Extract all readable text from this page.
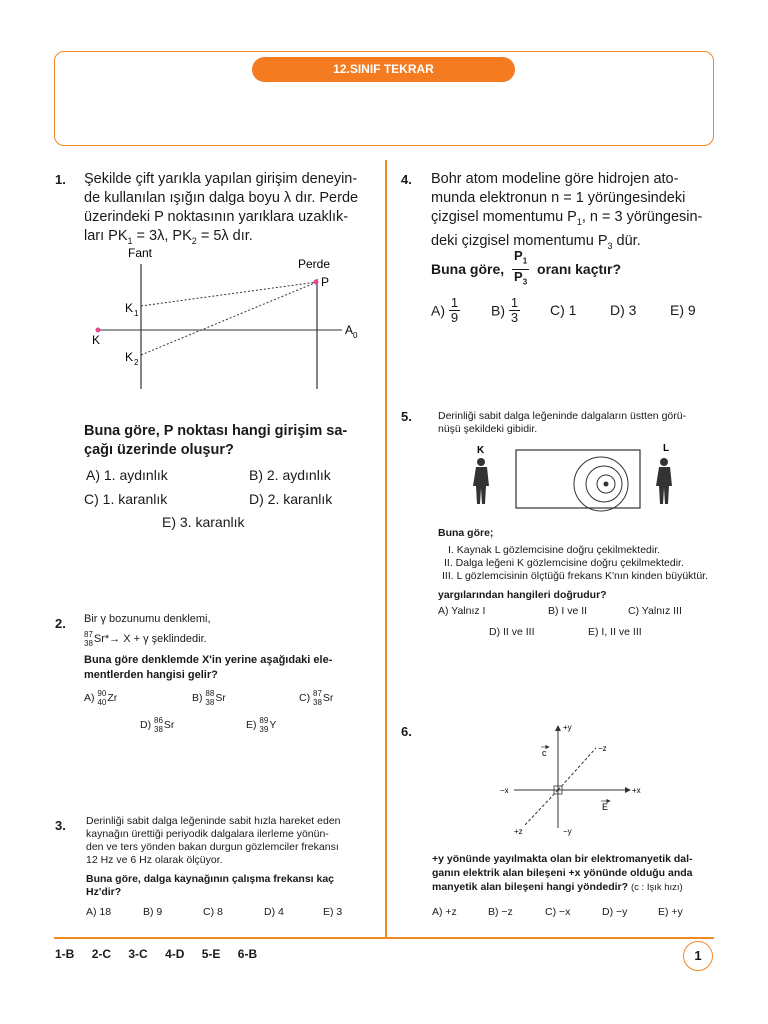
12.SINIF TEKRAR
1. Şekilde çift yarıkla yapılan girişim deneyin-
de kullanılan ışığın dalga boyu λ dır. Perde
üzerindeki P noktasının yarıklara uzaklık-
ları $PK_1 = 3\lambda$, $PK_2 = 5\lambda$ dır.
Fant
Perde
P
K
K 1
K 2
A 0
Buna göre, P noktası hangi girişim sa-
çağı üzerinde oluşur?
A) 1. aydınlık	B) 2. aydınlık
C) 1. karanlık	D) 2. karanlık
E) 3. karanlık
2. Bir γ bozunumu denklemi,
87
38 Sr*→ X + γ şeklindedir.
Buna göre denklemde X'in yerine aşağıdaki ele-
mentlerden hangisi gelir?
A) 90
40 Zr	B) 88
38 Sr	C) 87
38 Sr
D) 86
38 Sr	E) 89
39 Y
3. Derinliği sabit dalga leğeninde sabit hızla hareket eden
kaynağın ürettiği periyodik dalgalara ilerleme yönün-
den ve ters yönden bakan durgun gözlemciler frekansı
12 Hz ve 6 Hz olarak ölçüyor.
Buna göre, dalga kaynağının çalışma frekansı kaç
Hz'dir?
A) 18	B) 9	C) 8	D) 4	E) 3
4. Bohr atom modeline göre hidrojen ato-
munda elektronun n = 1 yörüngesindeki
çizgisel momentumu $P_1$, n = 3 yörüngesin-
deki çizgisel momentumu $P_3$ dür.
Buna göre, $\frac{P_1}{P_3}$ oranı kaçtır?
$A) \frac{1}{9} B) \frac{1}{3} C$) 1 D) 3 E) 9
5. Derinliği sabit dalga leğeninde dalgaların üstten görü-
nüşü şekildeki gibidir.
K	L
Buna göre;
I. Kaynak L gözlemcisine doğru çekilmektedir.
II. Dalga leğeni K gözlemcisine doğru çekilmektedir.
III. L gözlemcisinin ölçtüğü frekans K'nın kinden büyüktür.
yargılarından hangileri doğrudur?
A) Yalnız I	B) I ve II	C) Yalnız III
D) II ve III	E) I, II ve III
6.	+y
−y
+x
−x
−z
+z
c
E
+y yönünde yayılmakta olan bir elektromanyetik dal-
ganın elektrik alan bileşeni +x yönünde olduğu anda
manyetik alan bileşeni hangi yöndedir? (c : Işık hızı)
A) +z	B) −z	C) −x	D) −y	E) +y
1-B 2-C 3-C 4-D 5-E 6-B	1
